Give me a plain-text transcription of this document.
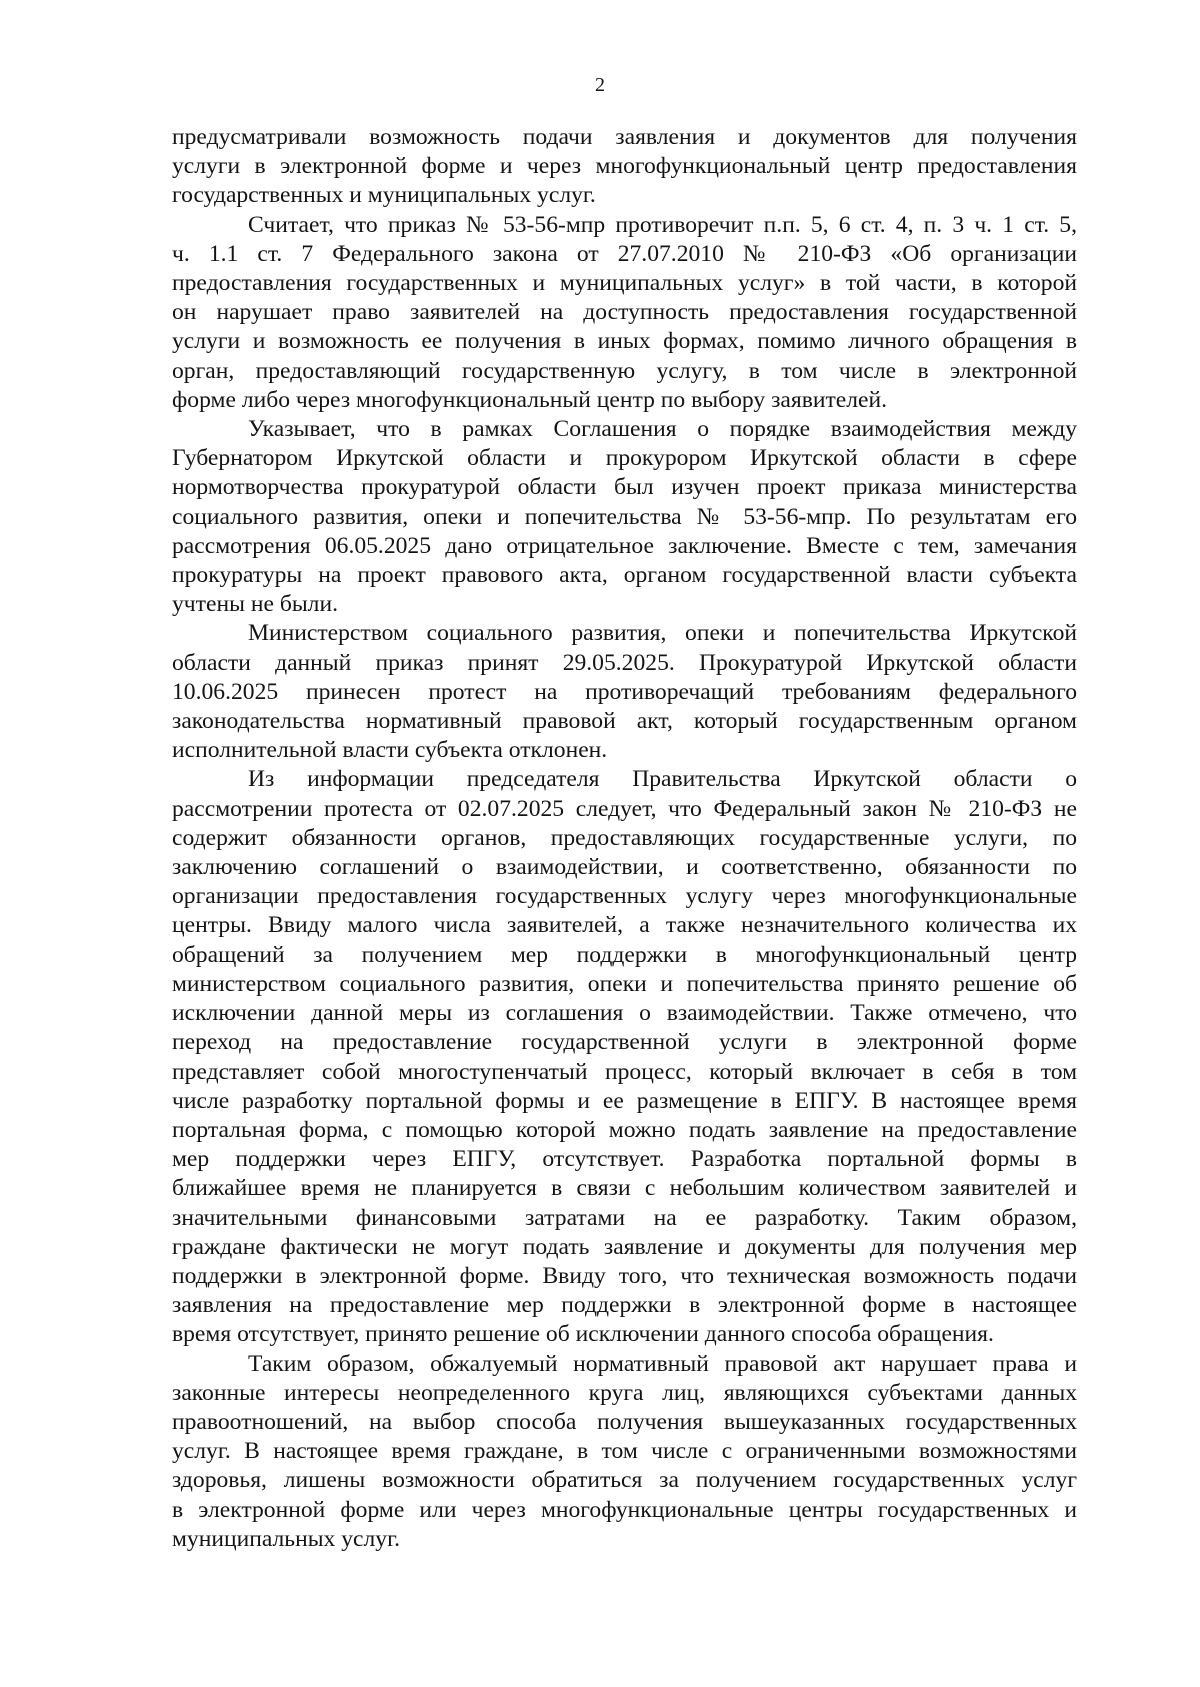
2
предусматривали возможность подачи заявления и документов для получения
услуги в электронной форме и через многофункциональный центр предоставления
государственных и муниципальных услуг.
Считает, что приказ № 53-56-мпр противоречит п.п. 5, 6 ст. 4, п. 3 ч. 1 ст. 5,
ч. 1.1 ст. 7 Федерального закона от 27.07.2010 № 210-ФЗ «Об организации
предоставления государственных и муниципальных услуг» в той части, в которой
он нарушает право заявителей на доступность предоставления государственной
услуги и возможность ее получения в иных формах, помимо личного обращения в
орган, предоставляющий государственную услугу, в том числе в электронной
форме либо через многофункциональный центр по выбору заявителей.
Указывает, что в рамках Соглашения о порядке взаимодействия между
Губернатором Иркутской области и прокурором Иркутской области в сфере
нормотворчества прокуратурой области был изучен проект приказа министерства
социального развития, опеки и попечительства № 53-56-мпр. По результатам его
рассмотрения 06.05.2025 дано отрицательное заключение. Вместе с тем, замечания
прокуратуры на проект правового акта, органом государственной власти субъекта
учтены не были.
Министерством социального развития, опеки и попечительства Иркутской
области данный приказ принят 29.05.2025. Прокуратурой Иркутской области
10.06.2025 принесен протест на противоречащий требованиям федерального
законодательства нормативный правовой акт, который государственным органом
исполнительной власти субъекта отклонен.
Из информации председателя Правительства Иркутской области о
рассмотрении протеста от 02.07.2025 следует, что Федеральный закон № 210-ФЗ не
содержит обязанности органов, предоставляющих государственные услуги, по
заключению соглашений о взаимодействии, и соответственно, обязанности по
организации предоставления государственных услугу через многофункциональные
центры. Ввиду малого числа заявителей, а также незначительного количества их
обращений за получением мер поддержки в многофункциональный центр
министерством социального развития, опеки и попечительства принято решение об
исключении данной меры из соглашения о взаимодействии. Также отмечено, что
переход на предоставление государственной услуги в электронной форме
представляет собой многоступенчатый процесс, который включает в себя в том
числе разработку портальной формы и ее размещение в ЕПГУ. В настоящее время
портальная форма, с помощью которой можно подать заявление на предоставление
мер поддержки через ЕПГУ, отсутствует. Разработка портальной формы в
ближайшее время не планируется в связи с небольшим количеством заявителей и
значительными финансовыми затратами на ее разработку. Таким образом,
граждане фактически не могут подать заявление и документы для получения мер
поддержки в электронной форме. Ввиду того, что техническая возможность подачи
заявления на предоставление мер поддержки в электронной форме в настоящее
время отсутствует, принято решение об исключении данного способа обращения.
Таким образом, обжалуемый нормативный правовой акт нарушает права и
законные интересы неопределенного круга лиц, являющихся субъектами данных
правоотношений, на выбор способа получения вышеуказанных государственных
услуг. В настоящее время граждане, в том числе с ограниченными возможностями
здоровья, лишены возможности обратиться за получением государственных услуг
в электронной форме или через многофункциональные центры государственных и
муниципальных услуг.
